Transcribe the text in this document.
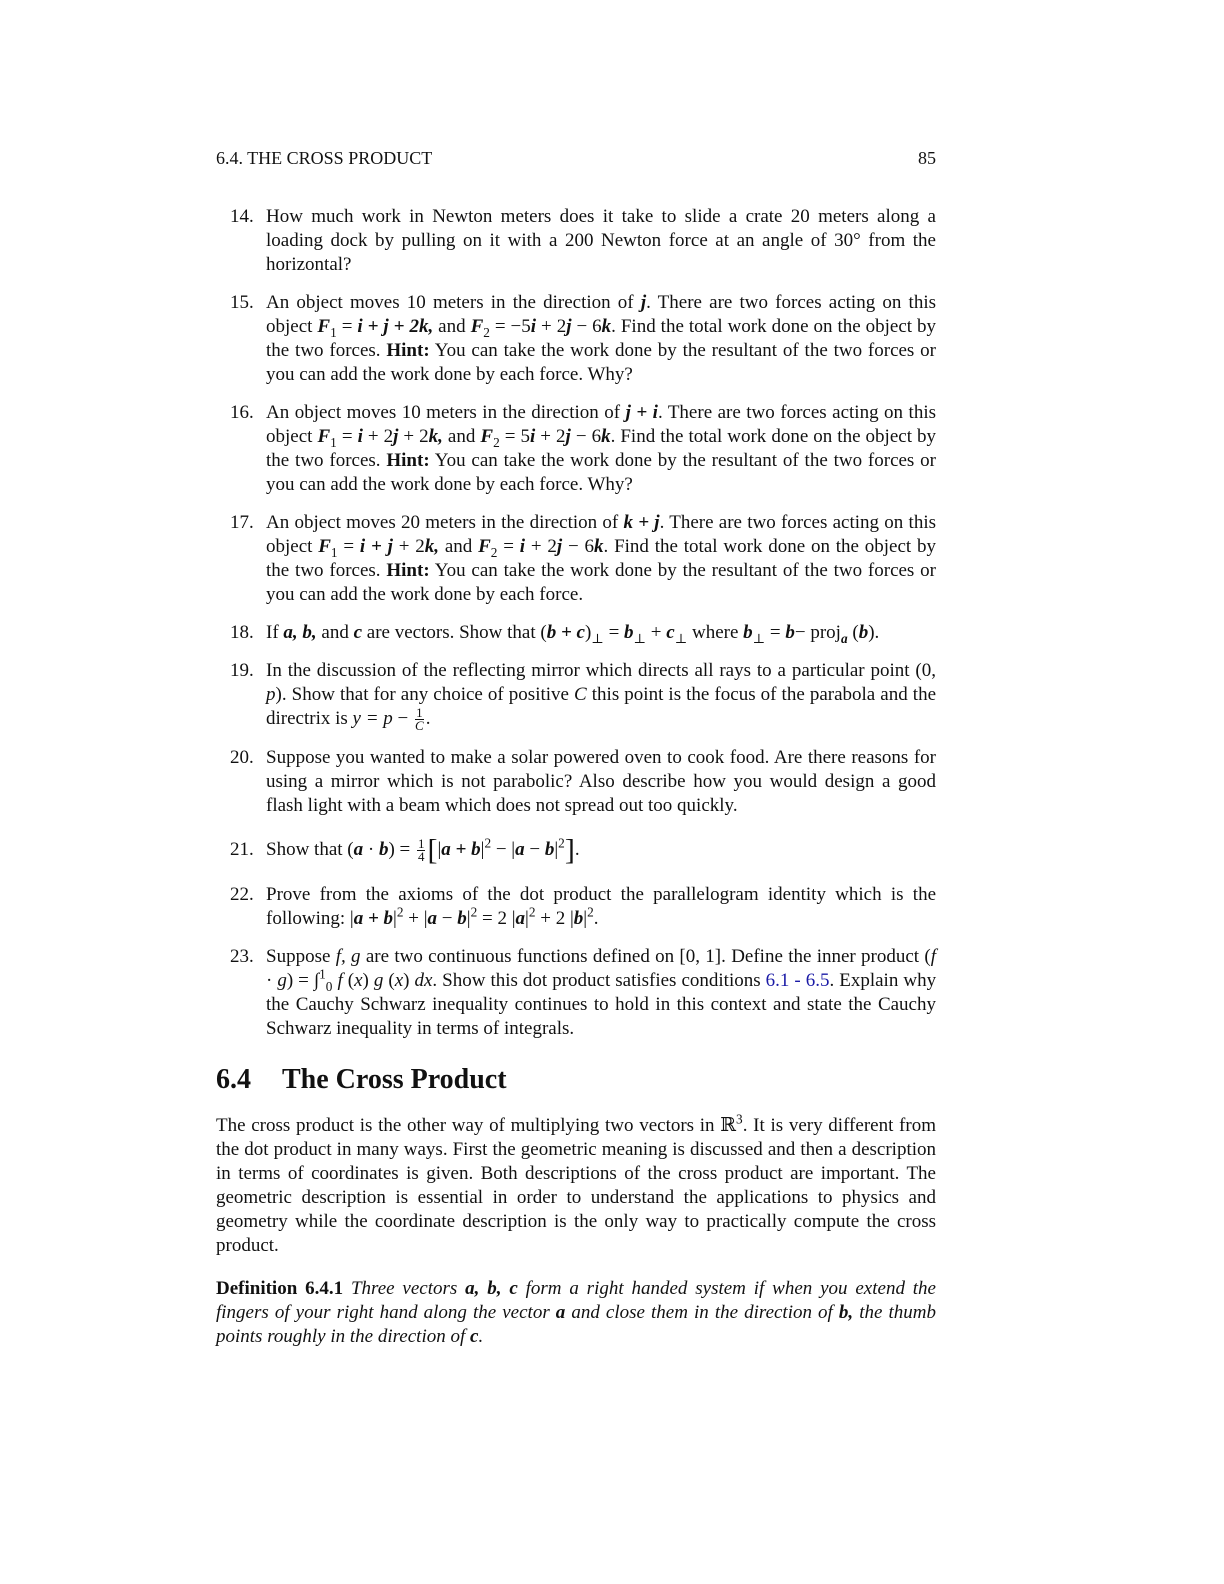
6.4. THE CROSS PRODUCT	85
14. How much work in Newton meters does it take to slide a crate 20 meters along a loading dock by pulling on it with a 200 Newton force at an angle of 30° from the horizontal?
15. An object moves 10 meters in the direction of j. There are two forces acting on this object $F_1 = i + j + 2k$, and $F_2 = -5i + 2j - 6k$. Find the total work done on the object by the two forces. Hint: You can take the work done by the resultant of the two forces or you can add the work done by each force. Why?
16. An object moves 10 meters in the direction of j + i. There are two forces acting on this object $F_1 = i + 2j + 2k$, and $F_2 = 5i + 2j - 6k$. Find the total work done on the object by the two forces. Hint: You can take the work done by the resultant of the two forces or you can add the work done by each force. Why?
17. An object moves 20 meters in the direction of k + j. There are two forces acting on this object $F_1 = i + j + 2k$, and $F_2 = i + 2j - 6k$. Find the total work done on the object by the two forces. Hint: You can take the work done by the resultant of the two forces or you can add the work done by each force.
18. If a, b, and c are vectors. Show that $(b + c)_\perp = b_\perp + c_\perp$ where $b_\perp = b-$ proj$_a$ (b).
19. In the discussion of the reflecting mirror which directs all rays to a particular point (0, p). Show that for any choice of positive C this point is the focus of the parabola and the directrix is $y = p - \frac{1}{C}$ .
20. Suppose you wanted to make a solar powered oven to cook food. Are there reasons for using a mirror which is not parabolic? Also describe how you would design a good flash light with a beam which does not spread out too quickly.
21. Show that $(a \cdot b) = \frac{1}{4} [|a + b|^2 - |a - b|^2]$.
22. Prove from the axioms of the dot product the parallelogram identity which is the following: $|a + b|^2 + |a - b|^2 = 2$ $|a|^2 + 2$ $|b|^2$.
23. Suppose f, g are two continuous functions defined on [0, 1]. Define the inner product (f · g) = ∫$^1_0$ f (x) g (x) dx. Show this dot product satisfies conditions 6.1 - 6.5. Explain why the Cauchy Schwarz inequality continues to hold in this context and state the Cauchy Schwarz inequality in terms of integrals.
6.4 The Cross Product

The cross product is the other way of multiplying two vectors in ℝ$^3$. It is very different from the dot product in many ways. First the geometric meaning is discussed and then a description in terms of coordinates is given. Both descriptions of the cross product are important. The geometric description is essential in order to understand the applications to physics and geometry while the coordinate description is the only way to practically compute the cross product.

Definition 6.4.1 Three vectors a, b, c form a right handed system if when you extend the fingers of your right hand along the vector a and close them in the direction of b, the thumb points roughly in the direction of c.
